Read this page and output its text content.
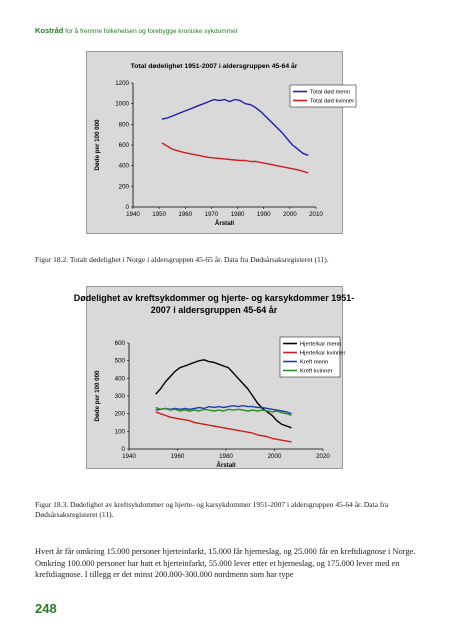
Kostråd for å fremme folkehelsen og forebygge kroniske sykdommer
Total dødelighet 1951-2007 i aldersgruppen 45-64 år
0
200
400
600
800
1000
1200
1940 1950 1960 1970 1980 1990 2000 2010
Årstall
Døde per 100 000
Total død menn
Total død kvinner
Figur 18.2. Totalt dødelighet i Norge i aldersgruppen 45-65 år. Data fra Dødsårsaksregisteret (11).
Dødelighet av kreftsykdommer og hjerte- og karsykdommer 1951-
2007 i aldersgruppen 45-64 år
0
100
200
300
400
500
600
1940	1960	1980	2000	2020
Årstall
Døde per 100 000
Hjerte/kar menn
Hjerte/kar kvinner
Kreft menn
Kreft kvinner
Figur 18.3. Dødelighet av kreftsykdommer og hjerte- og karsykdommer 1951-2007 i aldersgruppen 45-64 år. Data fra Dødsårsaksregisteret (11).
Hvert år får omkring 15.000 personer hjerteinfarkt, 15.000 får hjerneslag, og 25.000 får en kreftdiagnose i Norge. Omkring 100.000 personer har hatt et hjerteinfarkt, 55.000 lever etter et hjerneslag, og 175.000 lever med en kreftdiagnose. I tillegg er det minst 200.000-300.000 nordmenn som har type
248
